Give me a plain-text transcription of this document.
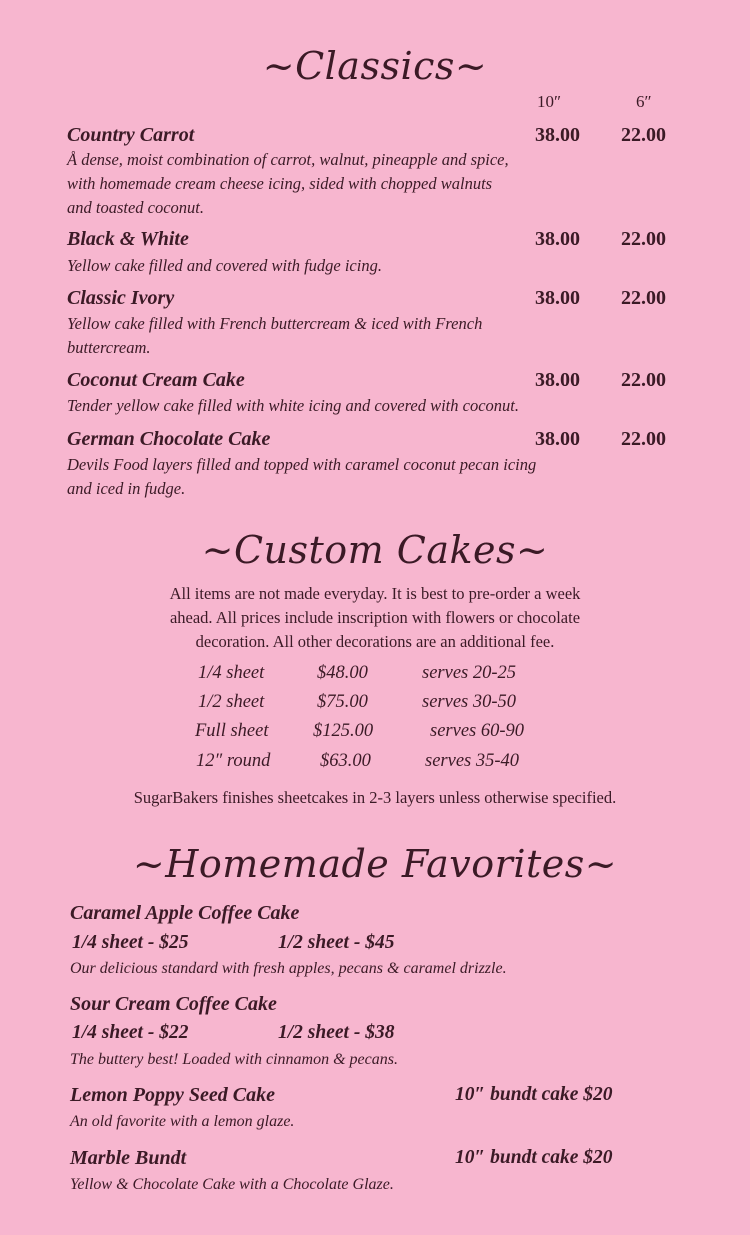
~Classics~
10″	6″
Country Carrot	38.00	22.00
Å dense, moist combination of carrot, walnut, pineapple and spice,
with homemade cream cheese icing, sided with chopped walnuts
and toasted coconut.
Black & White	38.00	22.00
Yellow cake filled and covered with fudge icing.
Classic Ivory	38.00	22.00
Yellow cake filled with French buttercream & iced with French
buttercream.
Coconut Cream Cake	38.00	22.00
Tender yellow cake filled with white icing and covered with coconut.
German Chocolate Cake	38.00	22.00
Devils Food layers filled and topped with caramel coconut pecan icing
and iced in fudge.
~Custom Cakes~
All items are not made everyday. It is best to pre-order a week
ahead. All prices include inscription with flowers or chocolate
decoration. All other decorations are an additional fee.
1/4 sheet	$48.00	serves 20-25
1/2 sheet	$75.00	serves 30-50
Full sheet $125.00	serves 60-90
12″ round	$63.00	serves 35-40
SugarBakers finishes sheetcakes in 2-3 layers unless otherwise specified.
~Homemade Favorites~
Caramel Apple Coffee Cake
1/4 sheet - $25	1/2 sheet - $45
Our delicious standard with fresh apples, pecans & caramel drizzle.
Sour Cream Coffee Cake
1/4 sheet - $22	1/2 sheet - $38
The buttery best! Loaded with cinnamon & pecans.
Lemon Poppy Seed Cake	10″ bundt cake $20
An old favorite with a lemon glaze.
Marble Bundt	10″ bundt cake $20
Yellow & Chocolate Cake with a Chocolate Glaze.
